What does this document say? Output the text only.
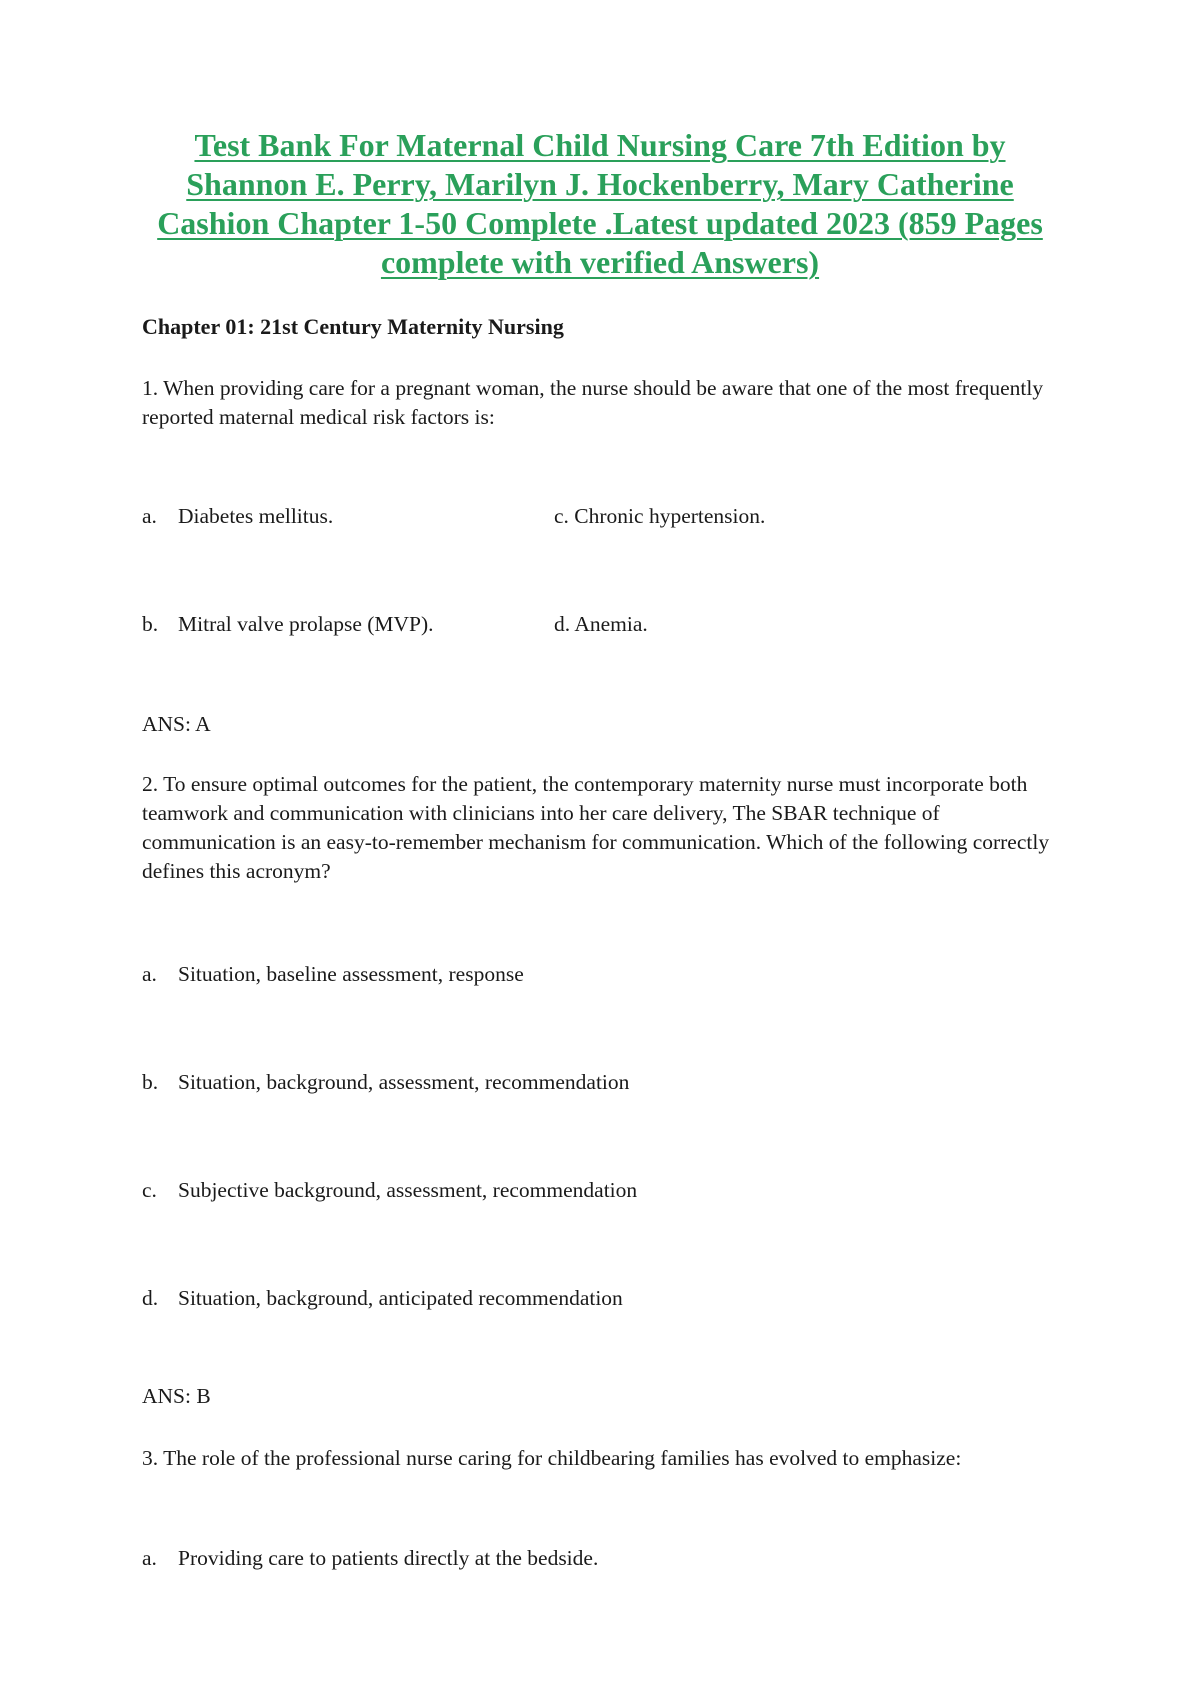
Test Bank For Maternal Child Nursing Care 7th Edition by Shannon E. Perry, Marilyn J. Hockenberry, Mary Catherine Cashion Chapter 1-50 Complete .Latest updated 2023 (859 Pages complete with verified Answers)
Chapter 01: 21st Century Maternity Nursing
1. When providing care for a pregnant woman, the nurse should be aware that one of the most frequently reported maternal medical risk factors is:
a. Diabetes mellitus.	c. Chronic hypertension.
b. Mitral valve prolapse (MVP).	d. Anemia.
ANS: A
2. To ensure optimal outcomes for the patient, the contemporary maternity nurse must incorporate both teamwork and communication with clinicians into her care delivery, The SBAR technique of communication is an easy-to-remember mechanism for communication. Which of the following correctly defines this acronym?
a. Situation, baseline assessment, response
b. Situation, background, assessment, recommendation
c. Subjective background, assessment, recommendation
d. Situation, background, anticipated recommendation
ANS: B
3. The role of the professional nurse caring for childbearing families has evolved to emphasize:
a. Providing care to patients directly at the bedside.
